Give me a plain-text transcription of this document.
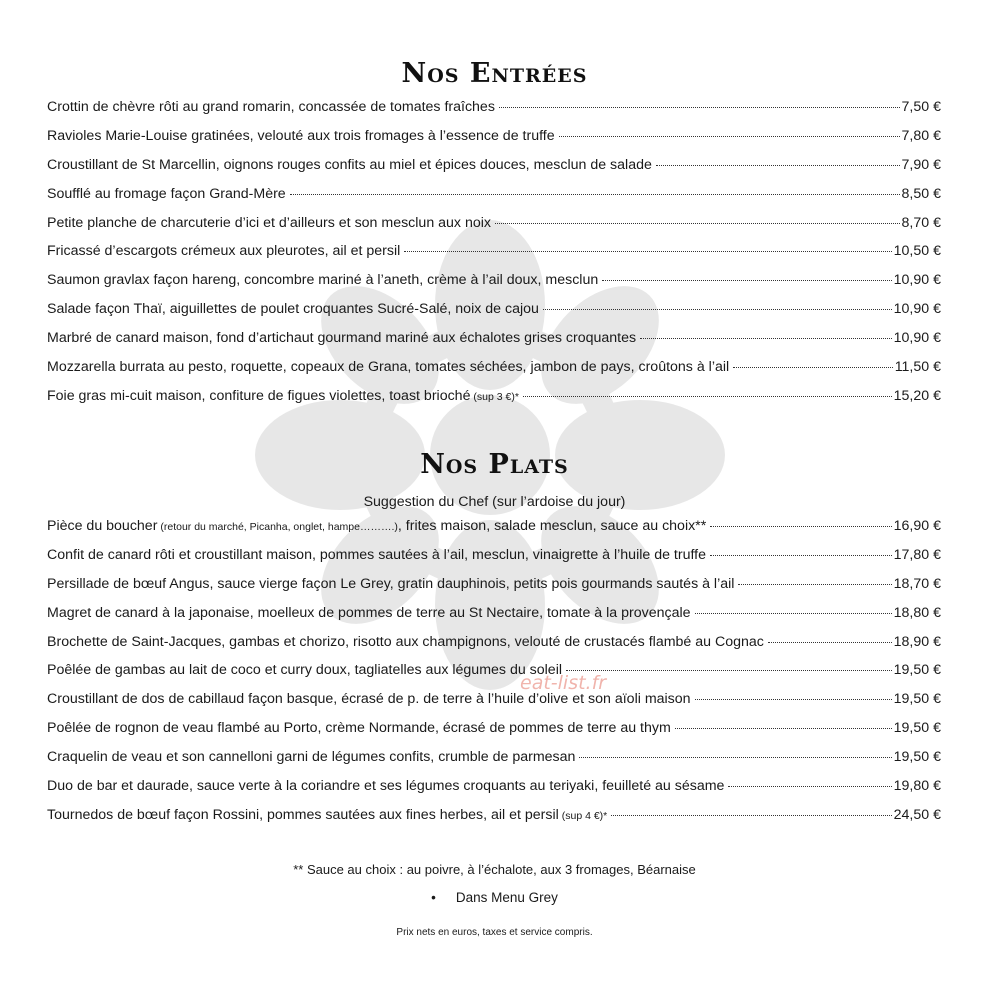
Nos Entrées
Crottin de chèvre rôti au grand romarin, concassée de tomates fraîches	7,50 €
Ravioles Marie-Louise gratinées, velouté aux trois fromages à l’essence de truffe	7,80 €
Croustillant de St Marcellin, oignons rouges confits au miel et épices douces, mesclun de salade	7,90 €
Soufflé au fromage façon Grand-Mère	8,50 €
Petite planche de charcuterie d’ici et d’ailleurs et son mesclun aux noix	8,70 €
Fricassé d’escargots crémeux aux pleurotes, ail et persil	10,50 €
Saumon gravlax façon hareng, concombre mariné à l’aneth, crème à l’ail doux, mesclun	10,90 €
Salade façon Thaï, aiguillettes de poulet croquantes Sucré-Salé, noix de cajou	10,90 €
Marbré de canard maison, fond d’artichaut gourmand mariné aux échalotes grises croquantes	10,90 €
Mozzarella burrata au pesto, roquette, copeaux de Grana, tomates séchées, jambon de pays, croûtons à l’ail	11,50 €
Foie gras mi-cuit maison, confiture de figues violettes, toast brioché (sup 3 €)*	15,20 €
Nos Plats
Suggestion du Chef (sur l’ardoise du jour)
Pièce du boucher (retour du marché, Picanha, onglet, hampe……….), frites maison, salade mesclun, sauce au choix**	16,90 €
Confit de canard rôti et croustillant maison, pommes sautées à l’ail, mesclun, vinaigrette à l’huile de truffe	17,80 €
Persillade de bœuf Angus, sauce vierge façon Le Grey, gratin dauphinois, petits pois gourmands sautés à l’ail	18,70 €
Magret de canard à la japonaise, moelleux de pommes de terre au St Nectaire, tomate à la provençale	18,80 €
Brochette de Saint-Jacques, gambas et chorizo, risotto aux champignons, velouté de crustacés flambé au Cognac	18,90 €
Poêlée de gambas au lait de coco et curry doux, tagliatelles aux légumes du soleil	19,50 €
Croustillant de dos de cabillaud façon basque, écrasé de p. de terre à l’huile d’olive et son aïoli maison	19,50 €
Poêlée de rognon de veau flambé au Porto, crème Normande, écrasé de pommes de terre au thym	19,50 €
Craquelin de veau et son cannelloni garni de légumes confits, crumble de parmesan	19,50 €
Duo de bar et daurade, sauce verte à la coriandre et ses légumes croquants au teriyaki, feuilleté au sésame	19,80 €
Tournedos de bœuf façon Rossini, pommes sautées aux fines herbes, ail et persil (sup 4 €)*	24,50 €
** Sauce au choix : au poivre, à l’échalote, aux 3 fromages, Béarnaise
• Dans Menu Grey
Prix nets en euros, taxes et service compris.
eat-list.fr
